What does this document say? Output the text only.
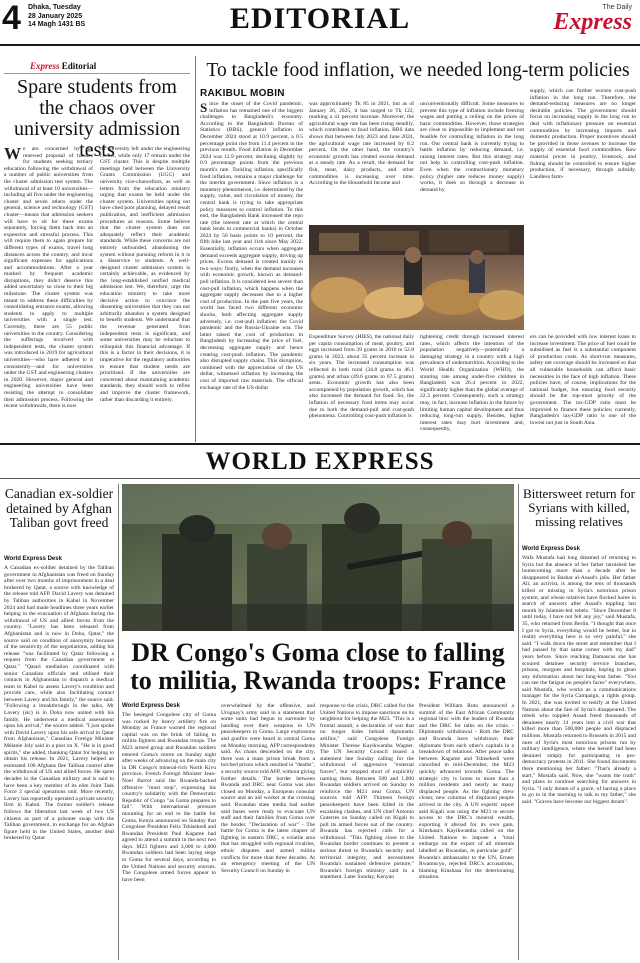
4 Dhaka, Tuesday
28 January 2025
14 Magh 1431 BS	EDITORIAL	The Daily
Express
Express Editorial
Spare students from the chaos over university admission tests
We are concerned by the renewed proposal of hassles for students seeking tertiary education following the withdrawal of a number of public universities from the cluster admission test system. The withdrawal of at least 10 universities—including all five under the engineering cluster and seven others under the general, science and technology (GST) cluster—means that admission seekers will have to sit for these exams separately, forcing them back into an expensive and stressful process. This will require them to again prepare for different types of exams, travel long distances across the country, and incur significant expenses for applications and accommodations. After a year marked by frequent academic disruptions, they didn't deserve this added uncertainty so close to their big milestone. The cluster system was meant to address these difficulties by consolidating entrance exams, allowing students to apply to multiple universities with a single test. Currently, there are 55 public universities in the country. Considering the sufferings involved with independent tests, the cluster system was introduced in 2019 for agricultural universities—who have adhered to it consistently—and for universities under the GST and engineering clusters in 2020. However, major general and engineering universities have been resisting the attempt to consolidate their admission process. Following the recent withdrawals, there is now
no university left under the engineering cluster, while only 17 remain under the GST cluster. This is despite multiple meetings held between the University Grants Commission (UGC) and university vice-chancellors, as well as letters from the education ministry urging that exams be held under the cluster system. Universities opting out have cited poor planning, delayed result publication, and inefficient admission procedures as reasons. Some believe that the cluster system does not adequately reflect their academic standards. While these concerns are not entirely unfounded, abandoning the system without pursuing reform in it is a disservice to students. A well-designed cluster admission system is certainly achievable, as evidenced by the long-established unified medical admission test. We, therefore, urge the education ministry to take more decisive action to convince the dissenting universities that they can not arbitrarily abandon a system designed to benefit students. We understand that the revenue generated from independent tests is significant, and some universities may be reluctant to relinquish this financial advantage. If this is a factor in their decisions, it is imperative for the regulatory authorities to ensure that student needs are prioritised. If the universities are concerned about maintaining academic standards, they should work to refine and improve the cluster framework, rather than discarding it entirely.
To tackle food inflation, we needed long-term policies
RAKIBUL MOBIN
Since the onset of the Covid pandemic, inflation has remained one of the biggest challenges to Bangladesh's economy. According to the Bangladesh Bureau of Statistics (BBS), general inflation in December 2024 stood at 10.9 percent, a 0.5 percentage point rise from 11.4 percent in the previous month. Food inflation in December 2024 was 12.9 percent, declining slightly by 0.9 percentage points from the previous month's rate. Tackling inflation, specifically food inflation, remains a major challenge for the interim government. Since inflation is a monetary phenomenon, i.e. determined by the supply, value, and circulation of money, the central bank is trying to take appropriate policy measures to control inflation. To this end, the Bangladesh Bank increased the repo rate (the interest rate at which the central bank lends to commercial banks) in October 2024 by 50 basis points to 10 percent, the fifth hike last year and 11th since May 2022. Essentially, inflation occurs when aggregate demand exceeds aggregate supply, driving up prices. Excess demand is created mainly in two ways: firstly, when the demand increases with economic growth, known as demand-pull inflation. It is considered less severe than cost-pull inflation, which happens when the aggregate supply decreases due to a higher cost of production. In the past five years, the world has faced two different economic shocks, both affecting aggregate supply adversely, i.e. cost-pull inflation: the Covid pandemic and the Russia-Ukraine war. The latter raised the cost of production in Bangladesh by increasing the price of fuel, decreasing aggregate supply and hence creating cost-push inflation. The pandemic also disrupted supply chains. This disruption, combined with the appreciation of the US dollar, witnessed inflation by increasing the cost of imported raw materials. The official exchange rate of the US dollar
was approximately Tk 85 in 2021, but as of January 26, 2025, it has surged to Tk 122, marking a 41 percent increase. Moreover, the agricultural wage rate has been rising steadily, which contributes to food inflation. BBS data shows that between July 2023 and June 2024, the agricultural wage rate increased by 8.2 percent. On the other hand, the country's economic growth has created excess demand at a steady rate. As a result, the demand for fish, meat, dairy products, and other commodities is increasing over time. According to the Household Income and
unconventionally difficult. Some measures to prevent this type of inflation include freezing wages and putting a ceiling on the prices of basic commodities. However, those strategies are close to impossible to implement and not feasible for controlling inflation in the long run. Our central bank is currently trying to battle inflation by reducing demand, i.e. raising interest rates. But this strategy may not help in controlling cost-push inflation. Even when the contractionary monetary policy (higher rate reduces money supply) works, it does so through a decrease in demand by
supply, which can further worsen cost-push inflation in the long run. Therefore, the demand-reducing measures are no longer desirable policies. The government should focus on increasing supply in the long run to deal with inflationary pressure on essential commodities by increasing imports and domestic production. Proper incentives should be provided in those avenues to increase the supply of essential food commodities. Raw material prices in poultry, livestock, and fishing should be controlled to ensure higher production, if necessary, through subsidy. Landless farm-
Expenditure Survey (HIES), the national daily per capita consumption of meat, poultry, and eggs increased from 39 grams in 2016 to 52.8 grams in 2022, about 35 percent increase in six years. The increased consumption was reflected in both rural (34.8 grams to 46.1 grams) and urban (49.6 grams to 67.5 grams) areas. Economic growth has also been accompanied by population growth, which has also increased the demand for food. So, the inflation of necessary food items may occur due to both the demand-pull and cost-push phenomena. Controlling cost-push inflation is
tightening credit through increased interest rates, which affects the intention of the population negatively—potentially a damaging strategy in a country with a high prevalence of undernutrition. According to the World Health Organization (WHO), the stunting rate among under-five children in Bangladesh was 26.4 percent in 2022, significantly higher than the global average of 22.3 percent. Consequently, such a strategy may, in fact, increase inflation in the future by limiting human capital development and thus reducing long-run supply. Besides, higher interest rates may hurt investment and, consequently,
ers can be provided with low interest loans to increase investment. The price of fuel could be subsidised as fuel is a substantial component of production costs. As short-run measures, safety net coverage should be increased so that all vulnerable households can afford basic necessities in the face of high inflation. These policies have, of course, implications for the national budget, but ensuring food security should be the top-most priority of the government. The tax-GDP ratio must be improved to finance these policies; currently, Bangladesh's tax-GDP ratio is one of the lowest not just in South Asia.
WORLD EXPRESS
Canadian ex-soldier detained by Afghan Taliban govt freed
World Express Desk
A Canadian ex-soldier detained by the Taliban government in Afghanistan was freed on Sunday after over two months of imprisonment in a deal brokered by Qatar, a source with knowledge of the release told AFP. David Lavery was detained by Taliban authorities in Kabul in November 2024 and had made headlines three years earlier helping in the evacuation of Afghans during the withdrawal of US and allied forces from the country. "Lavery has been released from Afghanistan and is now in Doha, Qatar," the source said on condition of anonymity because of the sensitivity of the negotiations, adding his release "was facilitated by Qatar following a request from the Canadian government to Qatar." "Qatari mediation coordinated with senior Canadian officials and utilised their contacts in Afghanistan to dispatch a medical team to Kabul to assess Lavery's condition and provide care, while also facilitating contact between Lavery and his family," the source said. "Following a breakthrough in the talks, Mr Lavery (sic) is in Doha now united with his family. He underwent a medical assessment upon his arrival," the source added. "I just spoke with David Lavery upon his safe arrival in Qatar from Afghanistan," Canadian Foreign Minister Mélanie Joly said in a post on X. "He is in good spirits," she added, thanking Qatar for helping to obtain his release. In 2021, Lavery helped an estimated 100 Afghans flee Taliban control after the withdrawal of US and allied forces. He spent decades in the Canadian military and is said to have been a key member of its elite Joint Task Force 2 special operations unit. More recently, Lavery has reportedly operated a private security firm in Kabul. The former soldier's release follows the liberation last week of two US citizens as part of a prisoner swap with the Taliban government, in exchange for an Afghan figure held in the United States, another deal brokered by Qatar.
DR Congo's Goma close to falling to militia, Rwanda troops: France
World Express Desk
The besieged Congolese city of Goma was rocked by heavy artillery fire on Monday as France warned the regional capital was on the brink of falling to militia fighters and Rwandan troops. The M23 armed group and Rwandan soldiers entered Goma's centre on Sunday night after weeks of advancing on the main city in DR Congo's mineral-rich North Kivu province. French Foreign Minister Jean-Noel Barrot said the Rwanda-backed offensive "must stop", expressing his country's solidarity with the Democratic Republic of Congo "as Goma prepares to fall". With international pressure mounting for an end to the battle for Goma, Kenya announced on Sunday that Congolese President Felix Tshisekedi and Rwandan President Paul Kagame had agreed to attend a summit in the next two days. M23 fighters and 3,000 to 4,000 Rwandan soldiers had been laying siege to Goma for several days, according to the United Nations and security sources. The Congolese armed forces appear to have been
overwhelmed by the offensive, and Uruguay's army said in a statement that some units had begun to surrender by handing over their weapons to UN peacekeepers in Goma. Large explosions and gunfire were heard in central Goma on Monday morning, AFP correspondents said. As chaos descended on the city, there was a mass prison break from a torched prison which resulted in "deaths", a security source told AFP, without giving further details. The border between Rwanda and DRC near Goma was also closed on Monday, a European consular source and an aid worker at the crossing said. Rwandan state media had earlier said buses were ready to evacuate UN staff and their families from Goma over the border. "Declaration of war" - The battle for Goma is the latest chapter of fighting in eastern DRC, a volatile area that has struggled with regional rivalries, ethnic disputes and armed militia conflicts for more than three decades. At an emergency meeting of the UN Security Council on Sunday in
response to the crisis, DRC called for the United Nations to impose sanctions on its neighbour for helping the M23. "This is a frontal assault, a declaration of war that no longer hides behind diplomatic artifice," said Congolese Foreign Minister Therese Kayikwamba Wagner. The UN Security Council issued a statement late Sunday calling for the withdrawal of aggressive "external forces", but stopped short of explicitly naming them. Between 500 and 1,000 Rwandan soldiers arrived on Sunday to reinforce the M23 near Goma, UN sources told AFP. Thirteen foreign peacekeepers have been killed in the escalating clashes, and UN chief Antonio Guterres on Sunday called on Kigali to pull its armed forces out of the country. Rwanda has rejected calls for a withdrawal. "This fighting close to the Rwandan border continues to present a serious threat to Rwanda's security and territorial integrity, and necessitates Rwanda's sustained defensive posture," Rwanda's foreign ministry said in a statement. Later Sunday, Kenyan
President William Ruto announced a summit of the East African Community regional bloc with the leaders of Rwanda and the DRC for talks on the crisis. - Diplomatic withdrawal - Both the DRC and Rwanda have withdrawn their diplomats from each other's capitals in a breakdown of relations. After peace talks between Kagame and Tshisekedi were cancelled in mid-December, the M23 quickly advanced towards Goma. The strategic city is home to more than a million residents and nearly as many displaced people. As the fighting drew closer, new columns of displaced people arrived in the city. A UN experts' report said Kigali was using the M23 to secure access to the DRC's mineral wealth, exporting it abroad for its own gain. Kinshasa's Kayikwamba called on the United Nations to impose a "total embargo on the export of all minerals labelled as Rwandan, in particular gold". Rwanda's ambassador to the UN, Ernest Rwamucyo, rejected DRC's accusations, blaming Kinshasa for the deteriorating situation.
Bittersweet return for Syrians with killed, missing relatives
World Express Desk
Wafa Mustafa had long dreamed of returning to Syria but the absence of her father tarnished her homecoming more than a decade after he disappeared in Bashar al-Assad's jails. Her father Ali, an activist, is among the tens of thousands killed or missing in Syria's notorious prison system, and whose relatives have flocked home in search of answers after Assad's toppling last month by Islamist-led rebels. "Since December 8 until today, I have not felt any joy," said Mustafa, 35, who returned from Berlin. "I thought that once I got to Syria, everything would be better, but in reality everything here is so very painful," she said. "I walk down the street and remember that I had passed by that same corner with my dad" years before. Since reaching Damascus she has scoured detainee security service branches, prisons, morgues and hospitals, hoping to glean any information about her long-lost father. "You can see the fatigue on people's faces" everywhere, said Mustafa, who works as a communications manager for the Syria Campaign, a rights group. In 2021, she was invited to testify at the United Nations about the fate of Syria's disappeared. The rebels who toppled Assad freed thousands of detainees nearly 14 years into a civil war that killed more than 500,000 people and displaced millions. Mustafa returned to Brussels in 2015 and ones of Syria's most notorious prisons run by military intelligence, where she herself had been detained simply for participating in pro-democracy protests in 2011. She found documents there mentioning her father: "That's already a start," Mustafa said. Now, she "wants the truth" and plans to continue searching for answers in Syria. "I only dream of a grave, of having a place to go to in the morning to talk to my father," she said. "Graves have become our biggest dream".
